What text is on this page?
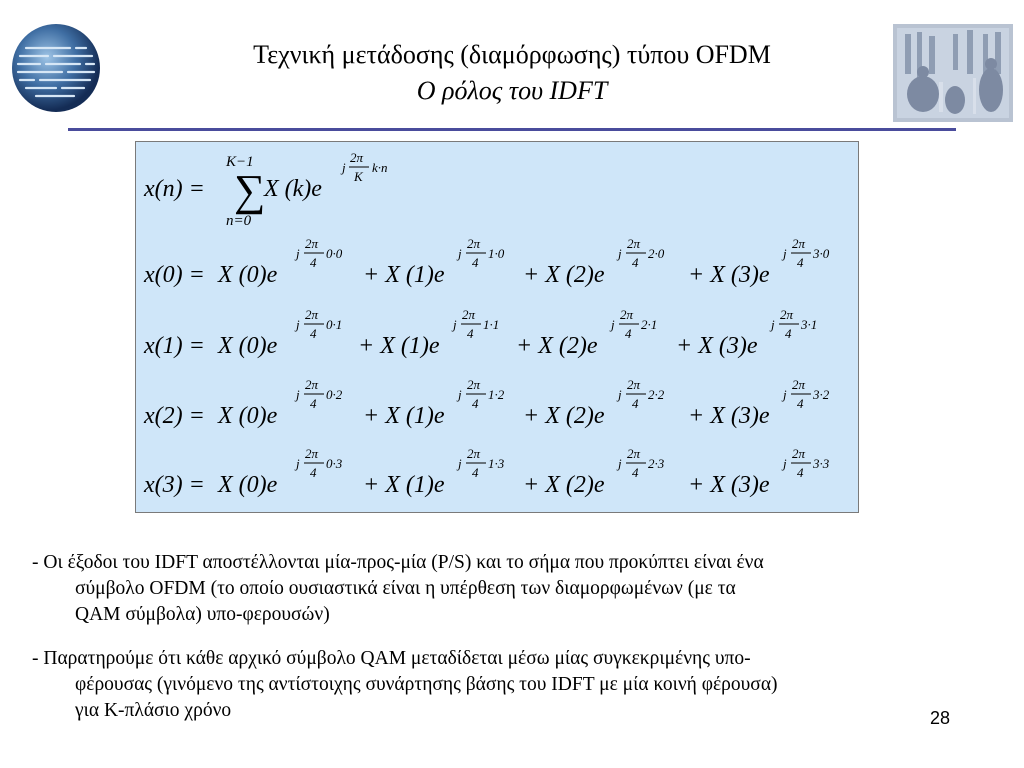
Τεχνική μετάδοσης (διαμόρφωσης) τύπου OFDM
Ο ρόλος του IDFT
x(n) =
K−1
∑
n=0
X (k)e
j
2π
K
k·n
x(0) = X (0)e
j
2π
4
0·0
+ X (1)e
j
2π
4
1·0
+ X (2)e
j
2π
4
2·0
+ X (3)e
j
2π
4
3·0
x(1) = X (0)e
j
2π
4
0·1
+ X (1)e
j
2π
4
1·1
+ X (2)e
j
2π
4
2·1
+ X (3)e
j
2π
4
3·1
x(2) = X (0)e
j
2π
4
0·2
+ X (1)e
j
2π
4
1·2
+ X (2)e
j
2π
4
2·2
+ X (3)e
j
2π
4
3·2
x(3) = X (0)e
j
2π
4
0·3
+ X (1)e
j
2π
4
1·3
+ X (2)e
j
2π
4
2·3
+ X (3)e
j
2π
4
3·3
- Οι έξοδοι του IDFT αποστέλλονται μία-προς-μία (P/S) και το σήμα που προκύπτει είναι ένα
σύμβολο OFDM (το οποίο ουσιαστικά είναι η υπέρθεση των διαμορφωμένων (με τα
QAM σύμβολα) υπο-φερουσών)
- Παρατηρούμε ότι κάθε αρχικό σύμβολο QAM μεταδίδεται μέσω μίας συγκεκριμένης υπο-
φέρουσας (γινόμενο της αντίστοιχης συνάρτησης βάσης του IDFT με μία κοινή φέρουσα)
για Κ-πλάσιο χρόνο	28
